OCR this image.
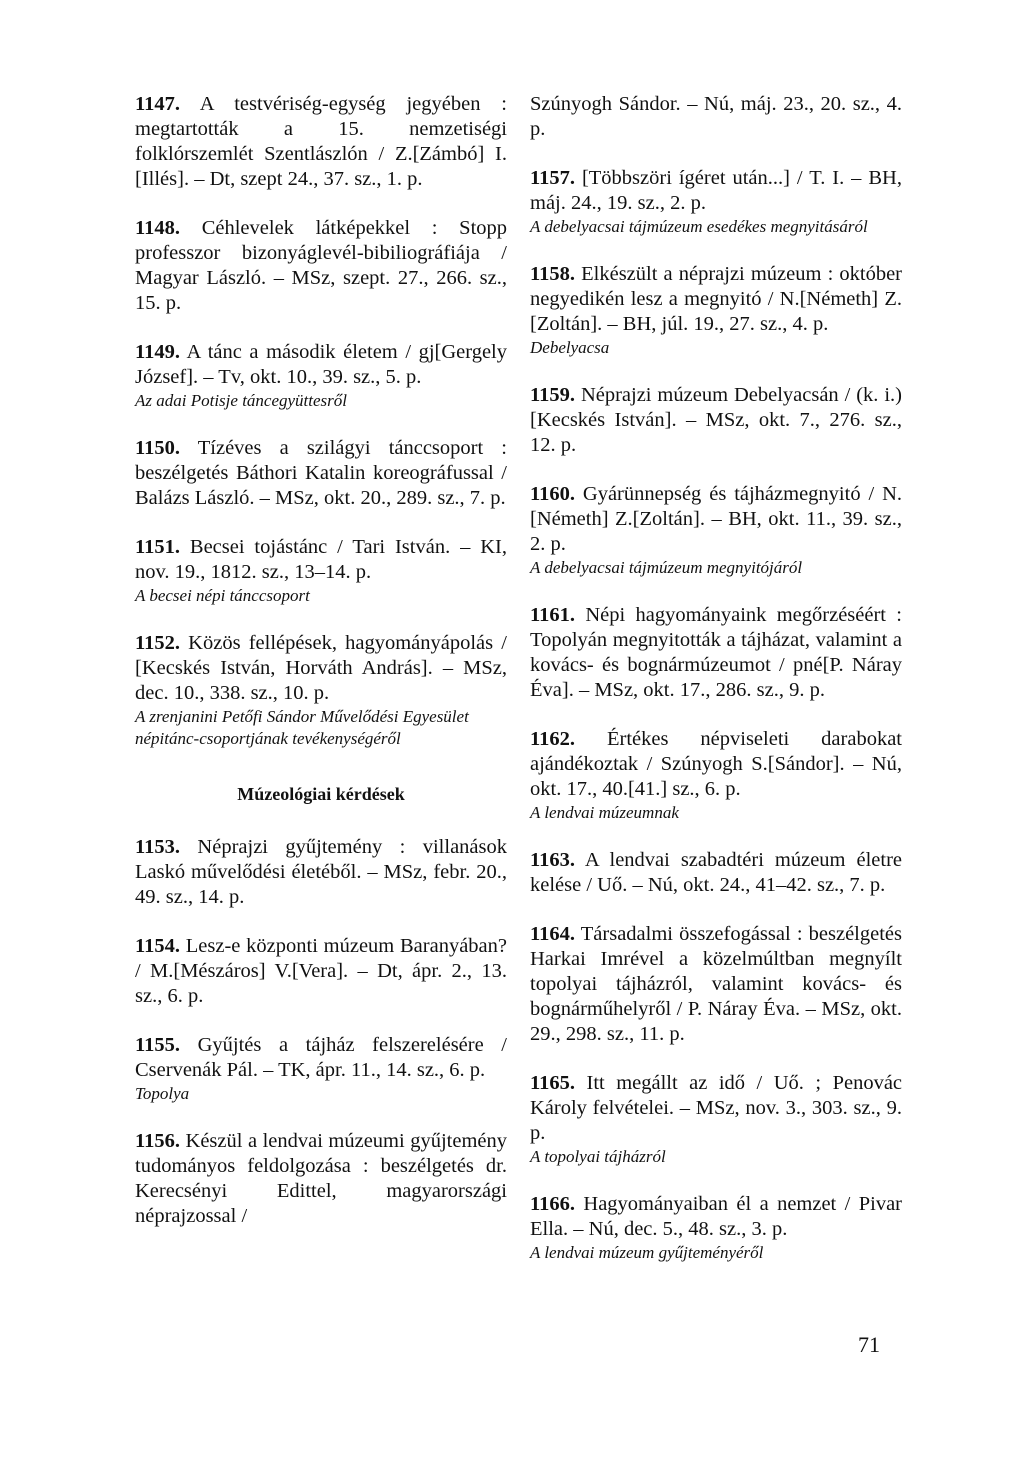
1147. A testvériség-egység jegyében : megtartották a 15. nemzetiségi folklórszemlét Szentlászlón / Z.[Zámbó] I.[Illés]. – Dt, szept 24., 37. sz., 1. p.
1148. Céhlevelek látképekkel : Stopp professzor bizonyáglevél-bibiliográfiája / Magyar László. – MSz, szept. 27., 266. sz., 15. p.
1149. A tánc a második életem / gj[Gergely József]. – Tv, okt. 10., 39. sz., 5. p.
Az adai Potisje táncegyüttesről
1150. Tízéves a szilágyi tánccsoport : beszélgetés Báthori Katalin koreográfussal / Balázs László. – MSz, okt. 20., 289. sz., 7. p.
1151. Becsei tojástánc / Tari István. – KI, nov. 19., 1812. sz., 13–14. p.
A becsei népi tánccsoport
1152. Közös fellépések, hagyományápolás / [Kecskés István, Horváth András]. – MSz, dec. 10., 338. sz., 10. p.
A zrenjanini Petőfi Sándor Művelődési Egyesület népitánc-csoportjának tevékenységéről
Múzeológiai kérdések
1153. Néprajzi gyűjtemény : villanások Laskó művelődési életéből. – MSz, febr. 20., 49. sz., 14. p.
1154. Lesz-e központi múzeum Baranyában? / M.[Mészáros] V.[Vera]. – Dt, ápr. 2., 13. sz., 6. p.
1155. Gyűjtés a tájház felszerelésére / Cservenák Pál. – TK, ápr. 11., 14. sz., 6. p.
Topolya
1156. Készül a lendvai múzeumi gyűjtemény tudományos feldolgozása : beszélgetés dr. Kerecsényi Edittel, magyarországi néprajzossal /
Szúnyogh Sándor. – Nú, máj. 23., 20. sz., 4. p.
1157. [Többszöri ígéret után...] / T. I. – BH, máj. 24., 19. sz., 2. p.
A debelyacsai tájmúzeum esedékes megnyitásáról
1158. Elkészült a néprajzi múzeum : október negyedikén lesz a megnyitó / N.[Németh] Z.[Zoltán]. – BH, júl. 19., 27. sz., 4. p.
Debelyacsa
1159. Néprajzi múzeum Debelyacsán / (k. i.)[Kecskés István]. – MSz, okt. 7., 276. sz., 12. p.
1160. Gyárünnepség és tájházmegnyitó / N.[Németh] Z.[Zoltán]. – BH, okt. 11., 39. sz., 2. p.
A debelyacsai tájmúzeum megnyitójáról
1161. Népi hagyományaink megőrzéséért : Topolyán megnyitották a tájházat, valamint a kovács- és bognármúzeumot / pné[P. Náray Éva]. – MSz, okt. 17., 286. sz., 9. p.
1162. Értékes népviseleti darabokat ajándékoztak / Szúnyogh S.[Sándor]. – Nú, okt. 17., 40.[41.] sz., 6. p.
A lendvai múzeumnak
1163. A lendvai szabadtéri múzeum életre kelése / Uő. – Nú, okt. 24., 41–42. sz., 7. p.
1164. Társadalmi összefogással : beszélgetés Harkai Imrével a közelmúltban megnyílt topolyai tájházról, valamint kovács- és bognárműhelyről / P. Náray Éva. – MSz, okt. 29., 298. sz., 11. p.
1165. Itt megállt az idő / Uő. ; Penovác Károly felvételei. – MSz, nov. 3., 303. sz., 9. p.
A topolyai tájházról
1166. Hagyományaiban él a nemzet / Pivar Ella. – Nú, dec. 5., 48. sz., 3. p.
A lendvai múzeum gyűjteményéről
71
